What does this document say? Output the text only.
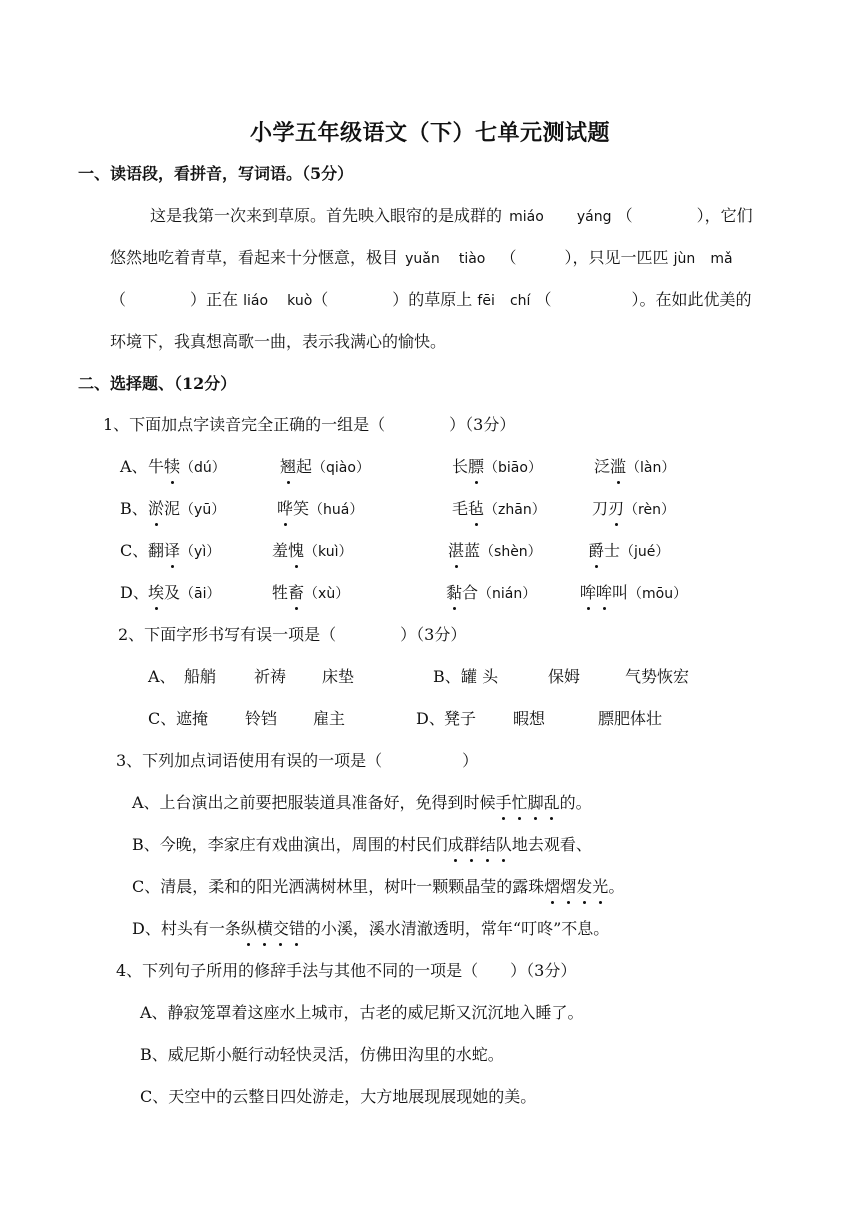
小学五年级语文（下）七单元测试题
一、读语段，看拼音，写词语。（5分）
这是我第一次来到草原。首先映入眼帘的是成群的 miáo yáng （　　　　），它们
悠然地吃着青草，看起来十分惬意，极目 yuǎn tiào （　　　），只见一匹匹 jùn mǎ
（　　　　）正在 liáo kuò（　　　　）的草原上 fēi chí （　　　　　）。在如此优美的
环境下，我真想高歌一曲，表示我满心的愉快。
二、选择题、（12分）
1、下面加点字读音完全正确的一组是（　　　　）（3分）
A、 牛犊（dú）	翘起（qiào）	长膘（biāo）	泛滥（làn）
B、 淤泥（yū）	哗笑（huá）	毛毡（zhān）	刀刃（rèn）
C、 翻译（yì）	羞愧（kuì）	湛蓝（shèn）	爵士（jué）
D、 埃及（āi）	牲畜（xù）	黏合（nián）	哞哞叫（mōu）
2、下面字形书写有误一项是（　　　　）（3分）
A、 船艄 祈祷 床垫	B、 罐 头	保姆	气势恢宏
C、 遮掩 铃铛 雇主	D、 凳子 暇想	膘肥体壮
3、下列加点词语使用有误的一项是（　　　　　）
A、上台演出之前要把服装道具准备好，免得到时候手忙脚乱的。
B、今晚，李家庄有戏曲演出，周围的村民们成群结队地去观看、
C、清晨，柔和的阳光洒满树林里，树叶一颗颗晶莹的露珠熠熠发光。
D、村头有一条纵横交错的小溪，溪水清澈透明，常年“叮咚”不息。
4、下列句子所用的修辞手法与其他不同的一项是（　　）（3分）
A、静寂笼罩着这座水上城市，古老的威尼斯又沉沉地入睡了。
B、威尼斯小艇行动轻快灵活，仿佛田沟里的水蛇。
C、天空中的云整日四处游走，大方地展现展现她的美。
